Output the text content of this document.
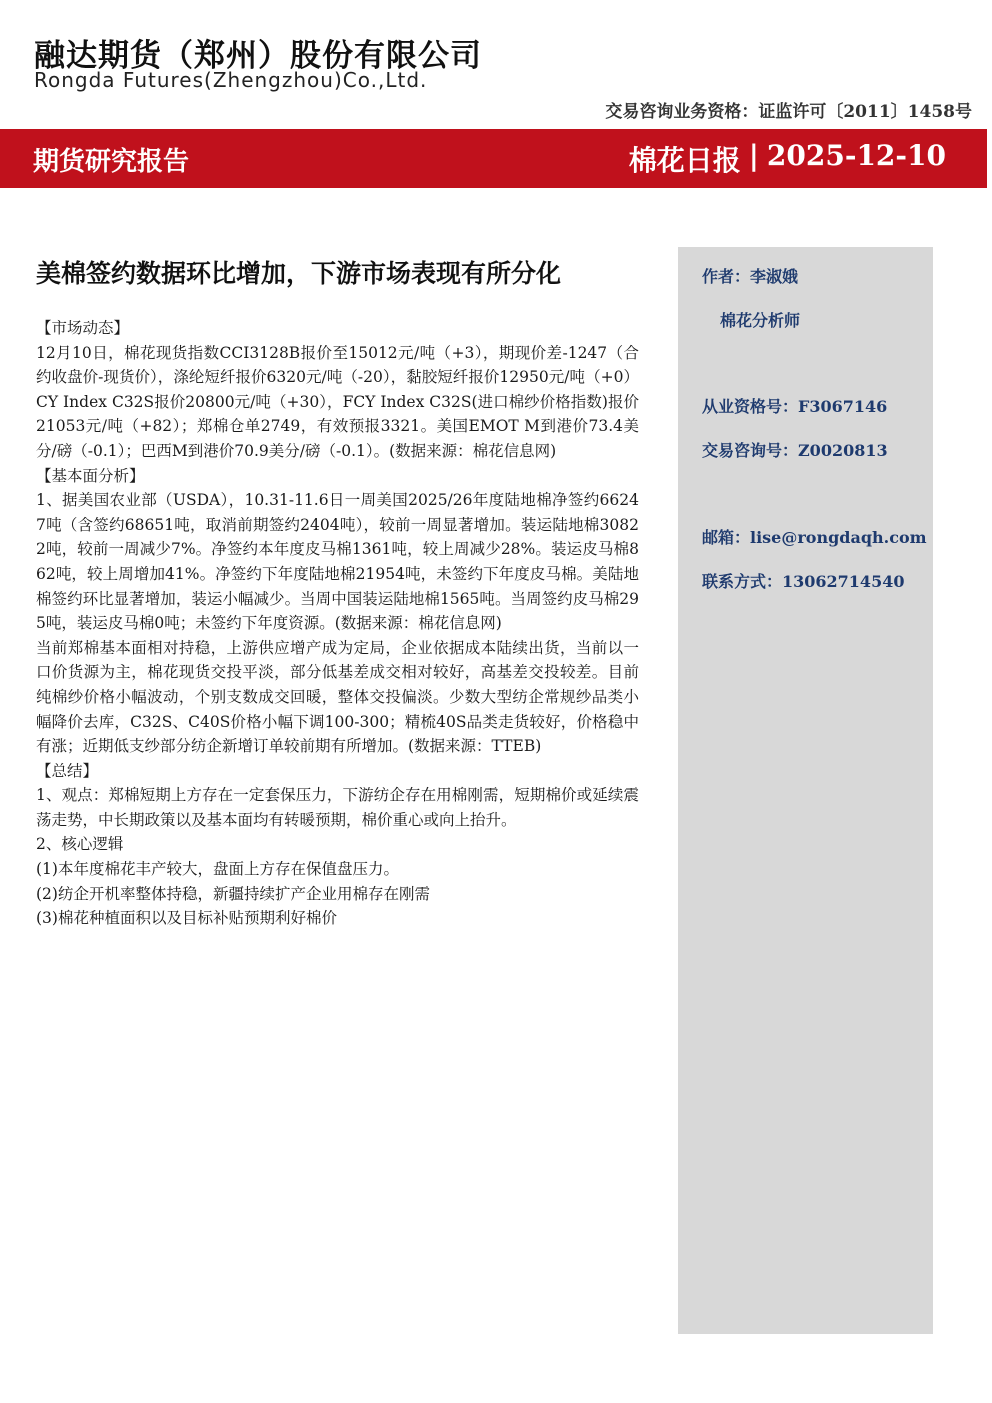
融达期货（郑州）股份有限公司
Rongda Futures(Zhengzhou)Co.,Ltd.
交易咨询业务资格：证监许可〔2011〕1458号
期货研究报告	棉花日报 | 2025-12-10
美棉签约数据环比增加，下游市场表现有所分化

【市场动态】

12月10日，棉花现货指数CCI3128B报价至15012元/吨（+3），期现价差-1247（合约收盘价-现货价），涤纶短纤报价6320元/吨（-20），黏胶短纤报价12950元/吨（+0）CY Index C32S报价20800元/吨（+30），FCY Index C32S(进口棉纱价格指数)报价21053元/吨（+82）；郑棉仓单2749，有效预报3321。美国EMOT M到港价73.4美分/磅（-0.1）；巴西M到港价70.9美分/磅（-0.1）。(数据来源：棉花信息网)

【基本面分析】

1、据美国农业部（USDA），10.31-11.6日一周美国2025/26年度陆地棉净签约66247吨（含签约68651吨，取消前期签约2404吨），较前一周显著增加。装运陆地棉30822吨，较前一周减少7%。净签约本年度皮马棉1361吨，较上周减少28%。装运皮马棉862吨，较上周增加41%。净签约下年度陆地棉21954吨，未签约下年度皮马棉。美陆地棉签约环比显著增加，装运小幅减少。当周中国装运陆地棉1565吨。当周签约皮马棉295吨，装运皮马棉0吨；未签约下年度资源。(数据来源：棉花信息网)

当前郑棉基本面相对持稳，上游供应增产成为定局，企业依据成本陆续出货，当前以一口价货源为主，棉花现货交投平淡，部分低基差成交相对较好，高基差交投较差。目前纯棉纱价格小幅波动，个别支数成交回暖，整体交投偏淡。少数大型纺企常规纱品类小幅降价去库，C32S、C40S价格小幅下调100-300；精梳40S品类走货较好，价格稳中有涨；近期低支纱部分纺企新增订单较前期有所增加。(数据来源：TTEB)

【总结】

1、观点：郑棉短期上方存在一定套保压力，下游纺企存在用棉刚需，短期棉价或延续震荡走势，中长期政策以及基本面均有转暖预期，棉价重心或向上抬升。

2、核心逻辑

(1)本年度棉花丰产较大，盘面上方存在保值盘压力。

(2)纺企开机率整体持稳，新疆持续扩产企业用棉存在刚需

(3)棉花种植面积以及目标补贴预期利好棉价

作者：李淑娥
棉花分析师
从业资格号：F3067146
交易咨询号：Z0020813
邮箱：lise@rongdaqh.com
联系方式：13062714540
